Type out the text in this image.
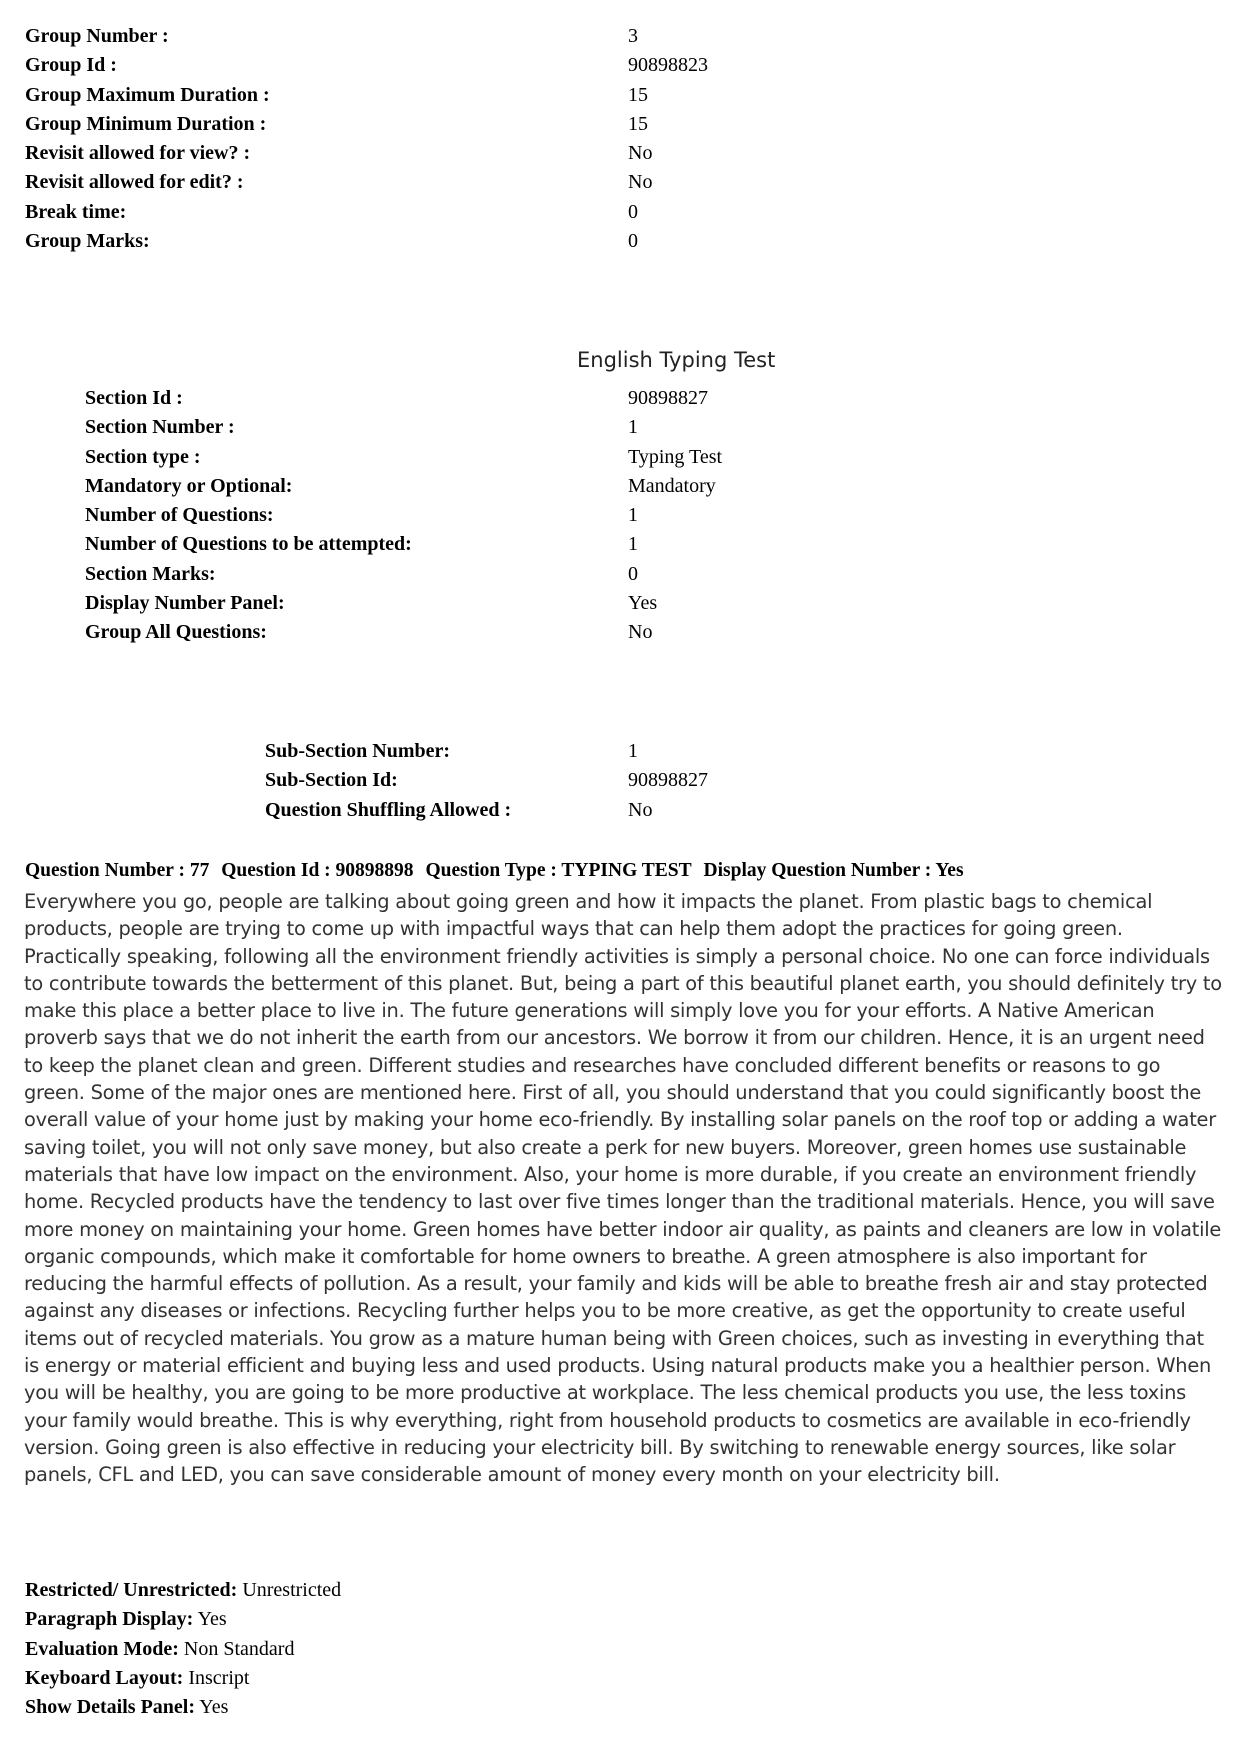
Group Number :	3
Group Id :	90898823
Group Maximum Duration :	15
Group Minimum Duration :	15
Revisit allowed for view? :	No
Revisit allowed for edit? :	No
Break time:	0
Group Marks:	0
English Typing Test
Section Id :	90898827
Section Number :	1
Section type :	Typing Test
Mandatory or Optional:	Mandatory
Number of Questions:	1
Number of Questions to be attempted:	1
Section Marks:	0
Display Number Panel:	Yes
Group All Questions:	No
Sub-Section Number:	1
Sub-Section Id:	90898827
Question Shuffling Allowed :	No
Question Number : 77 Question Id : 90898898 Question Type : TYPING TEST Display Question Number : Yes
Everywhere you go, people are talking about going green and how it impacts the planet. From plastic bags to chemical products, people are trying to come up with impactful ways that can help them adopt the practices for going green. Practically speaking, following all the environment friendly activities is simply a personal choice. No one can force individuals to contribute towards the betterment of this planet. But, being a part of this beautiful planet earth, you should definitely try to make this place a better place to live in. The future generations will simply love you for your efforts. A Native American proverb says that we do not inherit the earth from our ancestors. We borrow it from our children. Hence, it is an urgent need to keep the planet clean and green. Different studies and researches have concluded different benefits or reasons to go green. Some of the major ones are mentioned here. First of all, you should understand that you could significantly boost the overall value of your home just by making your home eco-friendly. By installing solar panels on the roof top or adding a water saving toilet, you will not only save money, but also create a perk for new buyers. Moreover, green homes use sustainable materials that have low impact on the environment. Also, your home is more durable, if you create an environment friendly home. Recycled products have the tendency to last over five times longer than the traditional materials. Hence, you will save more money on maintaining your home. Green homes have better indoor air quality, as paints and cleaners are low in volatile organic compounds, which make it comfortable for home owners to breathe. A green atmosphere is also important for reducing the harmful effects of pollution. As a result, your family and kids will be able to breathe fresh air and stay protected against any diseases or infections. Recycling further helps you to be more creative, as get the opportunity to create useful items out of recycled materials. You grow as a mature human being with Green choices, such as investing in everything that is energy or material efficient and buying less and used products. Using natural products make you a healthier person. When you will be healthy, you are going to be more productive at workplace. The less chemical products you use, the less toxins your family would breathe. This is why everything, right from household products to cosmetics are available in eco-friendly version. Going green is also effective in reducing your electricity bill. By switching to renewable energy sources, like solar panels, CFL and LED, you can save considerable amount of money every month on your electricity bill.
Restricted/ Unrestricted: Unrestricted
Paragraph Display: Yes
Evaluation Mode: Non Standard
Keyboard Layout: Inscript
Show Details Panel: Yes
